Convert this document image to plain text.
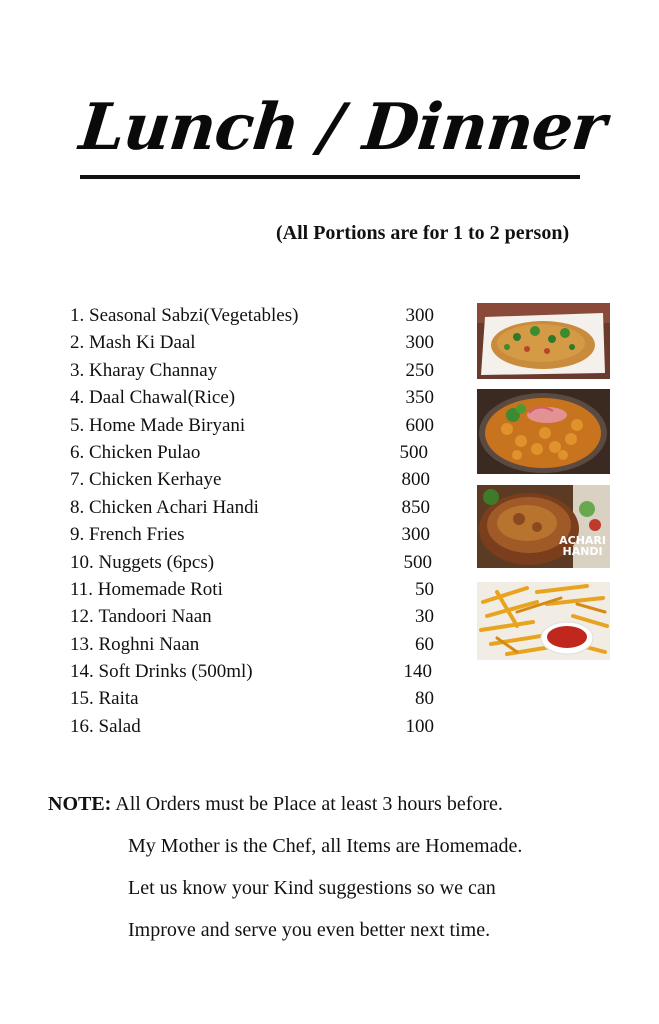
Lunch / Dinner
(All Portions are for 1 to 2 person)
1. Seasonal Sabzi(Vegetables)	300
2. Mash Ki Daal	300
3. Kharay Channay	250
4. Daal Chawal(Rice)	350
5. Home Made Biryani	600
6. Chicken Pulao	500
7. Chicken Kerhaye	800
8. Chicken Achari Handi	850
9. French Fries	300
10. Nuggets (6pcs)	500
11. Homemade Roti	50
12. Tandoori Naan	30
13. Roghni Naan	60
14. Soft Drinks (500ml)	140
15. Raita	80
16. Salad	100
ACHARI
HANDI
NOTE: All Orders must be Place at least 3 hours before.
My Mother is the Chef, all Items are Homemade.
Let us know your Kind suggestions so we can
Improve and serve you even better next time.
